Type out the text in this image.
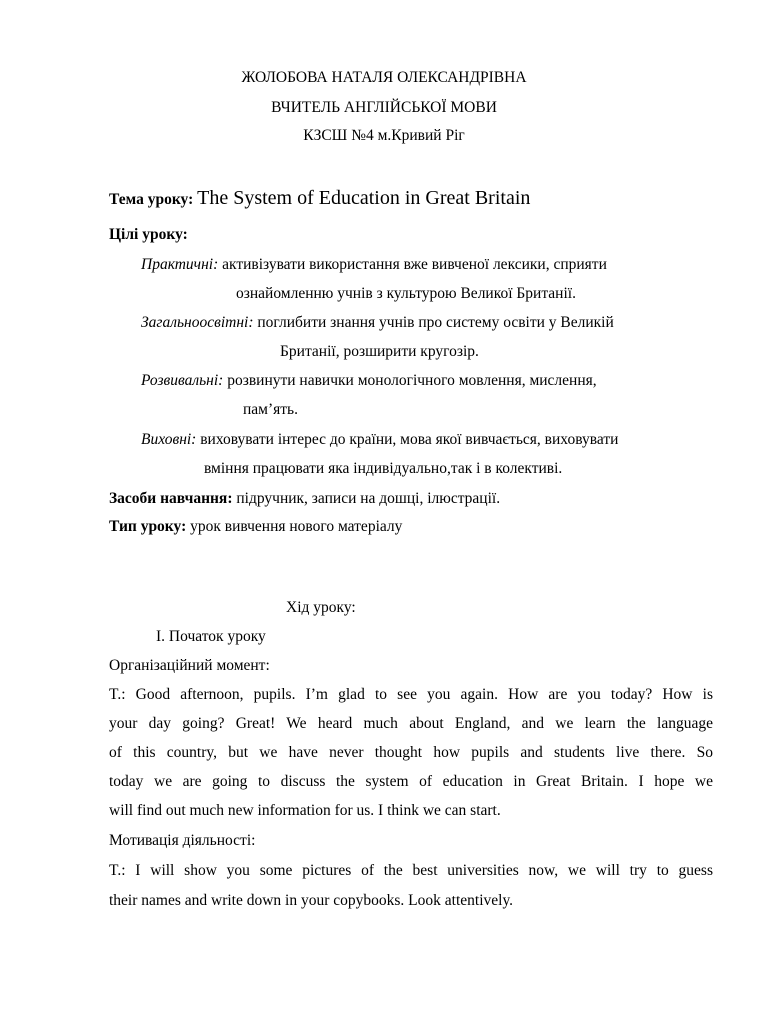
ЖОЛОБОВА НАТАЛЯ ОЛЕКСАНДРІВНА
ВЧИТЕЛЬ АНГЛІЙСЬКОЇ МОВИ
КЗСШ №4 м.Кривий Ріг
Тема уроку: The System of Education in Great Britain
Цілі уроку:
Практичні: активізувати використання вже вивченої лексики, сприяти
ознайомленню учнів з культурою Великої Британії.
Загальноосвітні: поглибити знання учнів про систему освіти у Великій
Британії, розширити кругозір.
Розвивальні: розвинути навички монологічного мовлення, мислення,
пам’ять.
Виховні: виховувати інтерес до країни, мова якої вивчається, виховувати
вміння працювати яка індивідуально,так і в колективі.
Засоби навчання: підручник, записи на дошці, ілюстрації.
Тип уроку: урок вивчення нового матеріалу
Хід уроку:
I. Початок уроку
Організаційний момент:
T.: Good afternoon, pupils. I’m glad to see you again. How are you today? How is
your day going? Great! We heard much about England, and we learn the language
of this country, but we have never thought how pupils and students live there. So
today we are going to discuss the system of education in Great Britain. I hope we
will find out much new information for us. I think we can start.
Мотивація діяльності:
T.: I will show you some pictures of the best universities now, we will try to guess
their names and write down in your copybooks. Look attentively.
